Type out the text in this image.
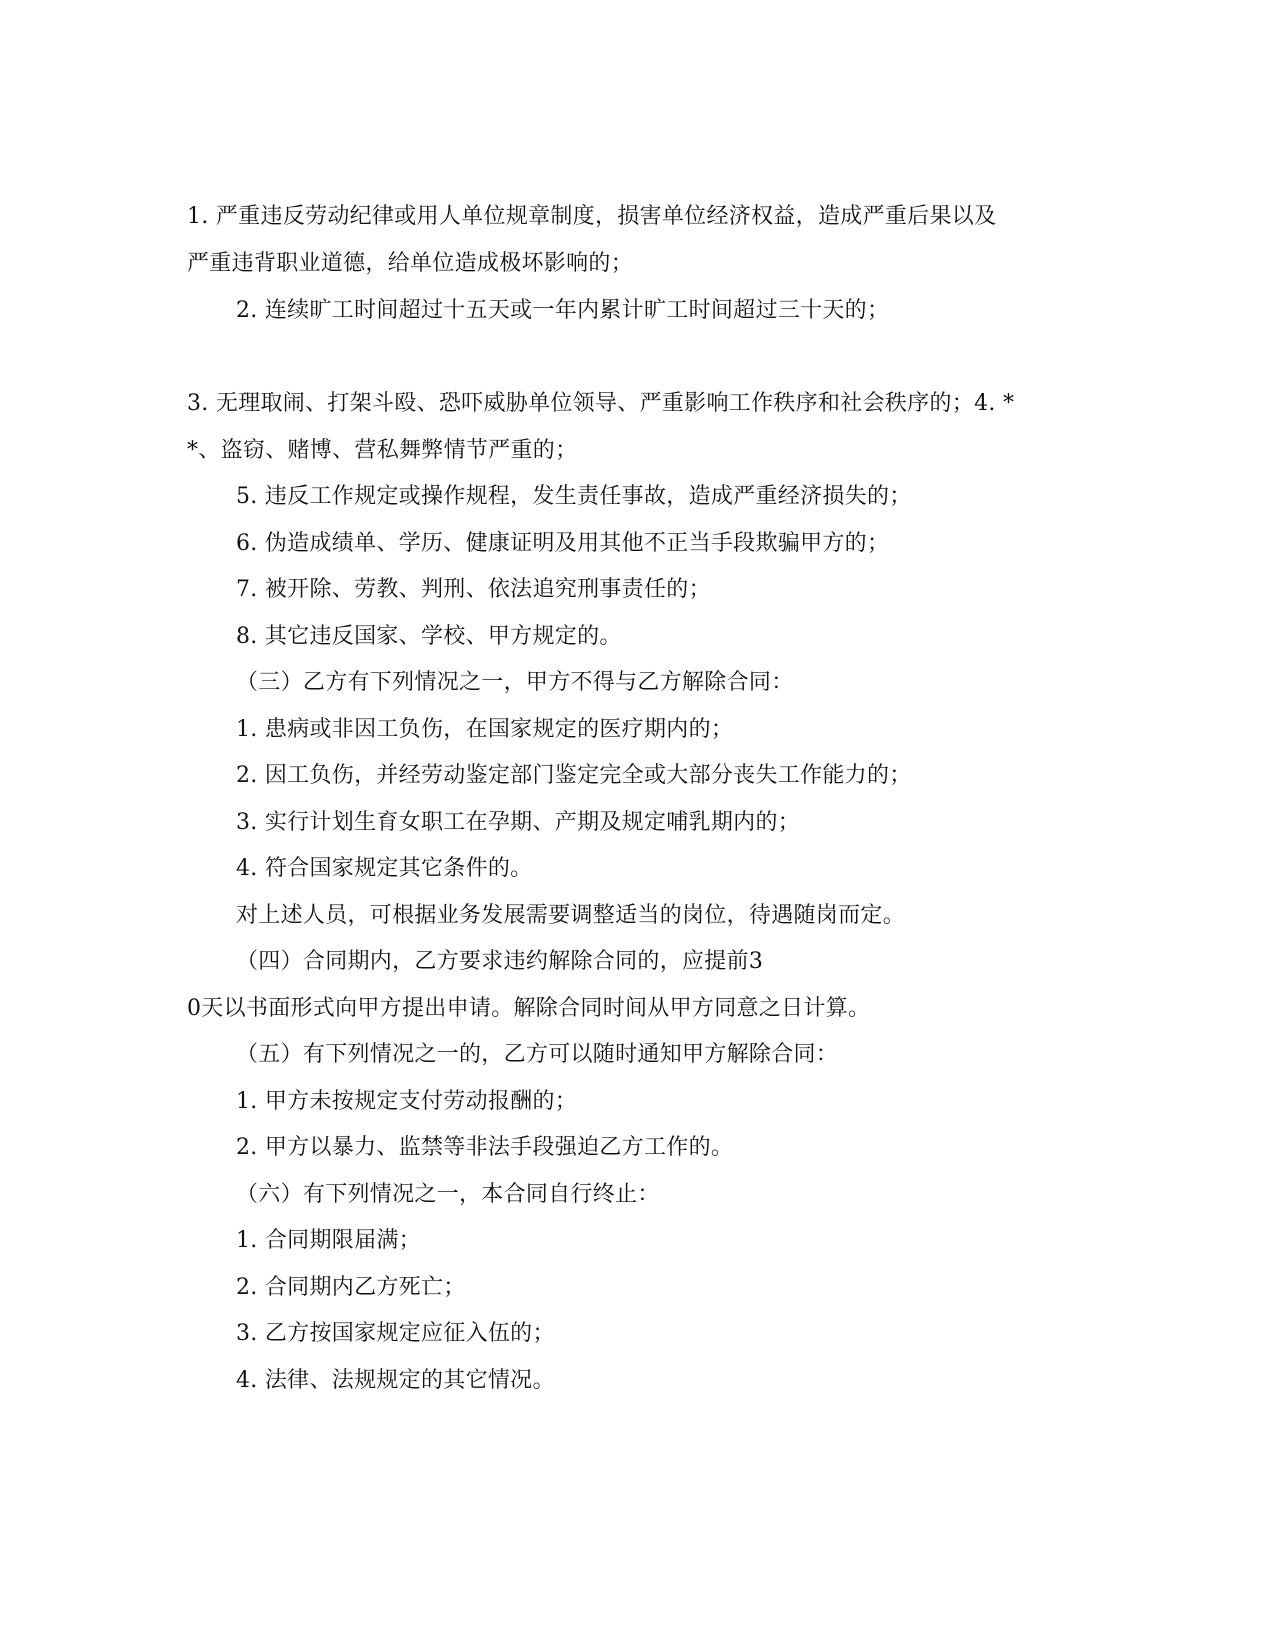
1. 严重违反劳动纪律或用人单位规章制度，损害单位经济权益，造成严重后果以及
严重违背职业道德，给单位造成极坏影响的；
2. 连续旷工时间超过十五天或一年内累计旷工时间超过三十天的；
3. 无理取闹、打架斗殴、恐吓威胁单位领导、严重影响工作秩序和社会秩序的；4. *
*、盗窃、赌博、营私舞弊情节严重的；
5. 违反工作规定或操作规程，发生责任事故，造成严重经济损失的；
6. 伪造成绩单、学历、健康证明及用其他不正当手段欺骗甲方的；
7. 被开除、劳教、判刑、依法追究刑事责任的；
8. 其它违反国家、学校、甲方规定的。
（三）乙方有下列情况之一，甲方不得与乙方解除合同：
1. 患病或非因工负伤，在国家规定的医疗期内的；
2. 因工负伤，并经劳动鉴定部门鉴定完全或大部分丧失工作能力的；
3. 实行计划生育女职工在孕期、产期及规定哺乳期内的；
4. 符合国家规定其它条件的。
对上述人员，可根据业务发展需要调整适当的岗位，待遇随岗而定。
（四）合同期内，乙方要求违约解除合同的，应提前3
0天以书面形式向甲方提出申请。解除合同时间从甲方同意之日计算。
（五）有下列情况之一的，乙方可以随时通知甲方解除合同：
1. 甲方未按规定支付劳动报酬的；
2. 甲方以暴力、监禁等非法手段强迫乙方工作的。
（六）有下列情况之一，本合同自行终止：
1. 合同期限届满；
2. 合同期内乙方死亡；
3. 乙方按国家规定应征入伍的；
4. 法律、法规规定的其它情况。
